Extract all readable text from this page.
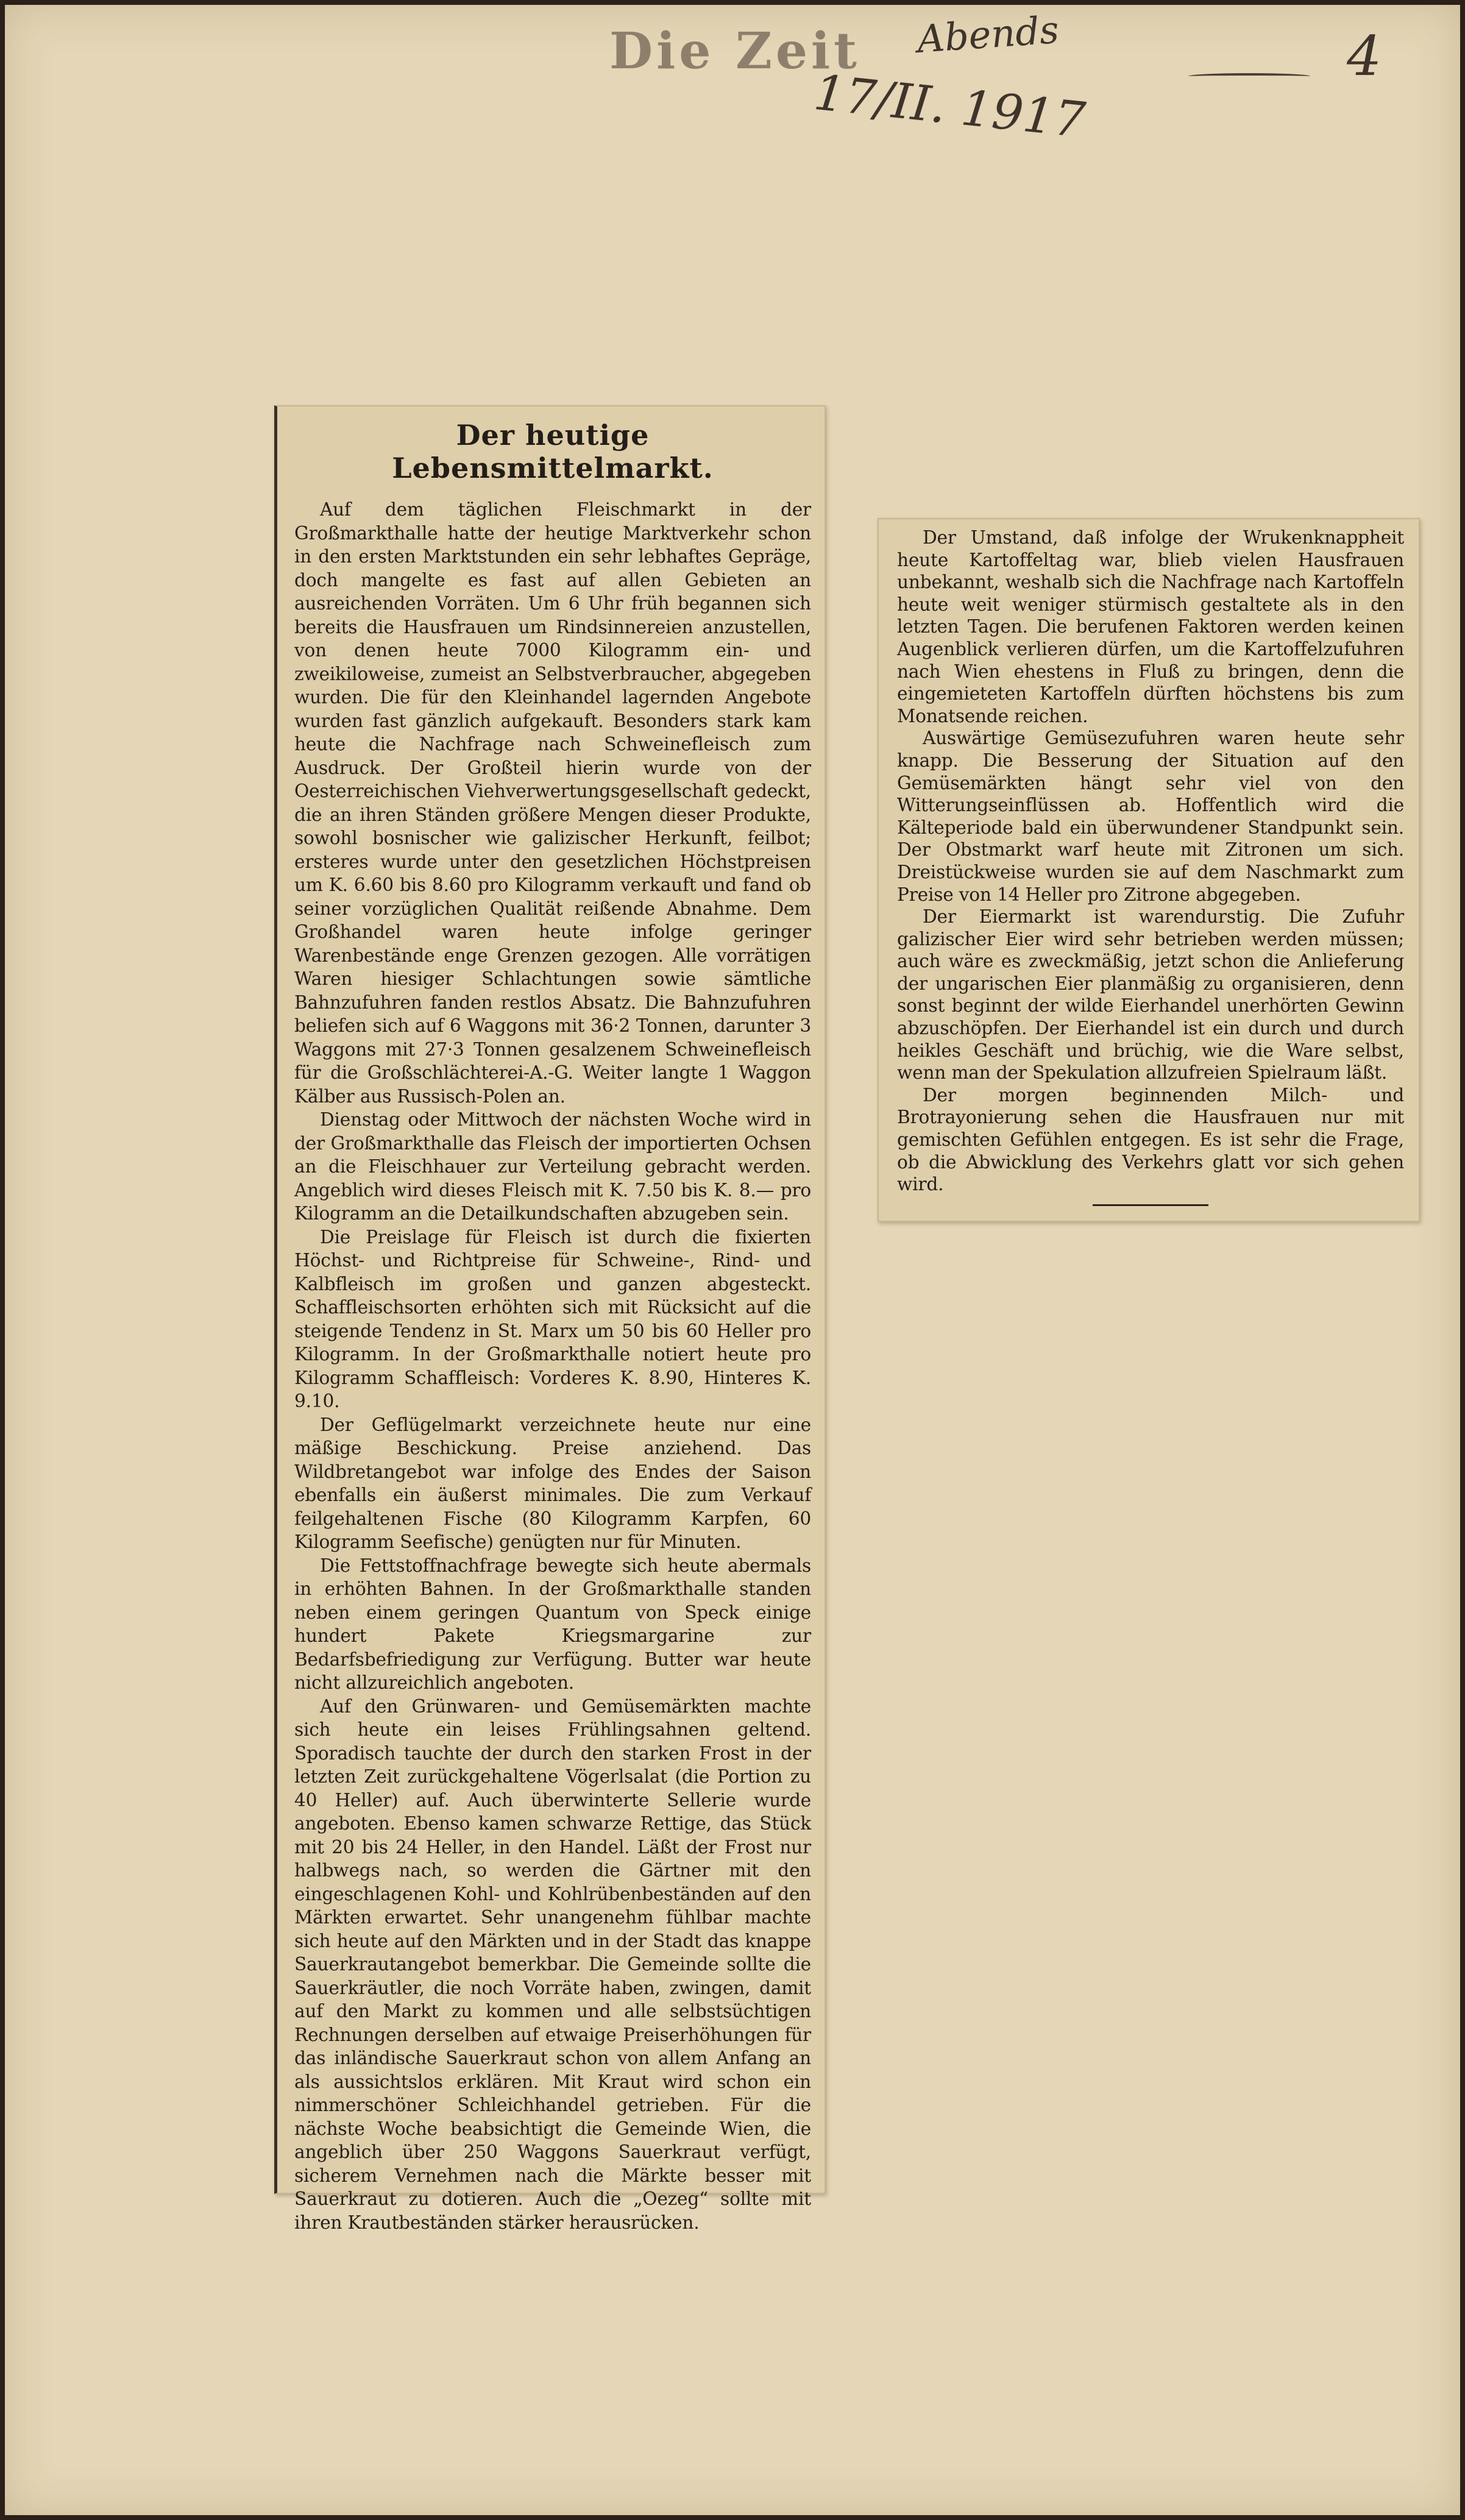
Die Zeit Abends
17/II. 1917
4
Der heutige Lebensmittelmarkt.

Auf dem täglichen Fleischmarkt in der Großmarkthalle hatte der heutige Marktverkehr schon in den ersten Marktstunden ein sehr lebhaftes Gepräge, doch mangelte es fast auf allen Gebieten an ausreichenden Vorräten. Um 6 Uhr früh begannen sich bereits die Hausfrauen um Rindsinnereien anzustellen, von denen heute 7000 Kilogramm ein- und zweikiloweise, zumeist an Selbstverbraucher, abgegeben wurden. Die für den Kleinhandel lagernden Angebote wurden fast gänzlich aufgekauft. Besonders stark kam heute die Nachfrage nach Schweinefleisch zum Ausdruck. Der Großteil hierin wurde von der Oesterreichischen Viehverwertungsgesellschaft gedeckt, die an ihren Ständen größere Mengen dieser Produkte, sowohl bosnischer wie galizischer Herkunft, feilbot; ersteres wurde unter den gesetzlichen Höchstpreisen um K. 6.60 bis 8.60 pro Kilogramm verkauft und fand ob seiner vorzüglichen Qualität reißende Abnahme. Dem Großhandel waren heute infolge geringer Warenbestände enge Grenzen gezogen. Alle vorrätigen Waren hiesiger Schlachtungen sowie sämtliche Bahnzufuhren fanden restlos Absatz. Die Bahnzufuhren beliefen sich auf 6 Waggons mit 36·2 Tonnen, darunter 3 Waggons mit 27·3 Tonnen gesalzenem Schweinefleisch für die Großschlächterei-A.-G. Weiter langte 1 Waggon Kälber aus Russisch-Polen an.

Dienstag oder Mittwoch der nächsten Woche wird in der Großmarkthalle das Fleisch der importierten Ochsen an die Fleischhauer zur Verteilung gebracht werden. Angeblich wird dieses Fleisch mit K. 7.50 bis K. 8.— pro Kilogramm an die Detailkundschaften abzugeben sein.

Die Preislage für Fleisch ist durch die fixierten Höchst- und Richtpreise für Schweine-, Rind- und Kalbfleisch im großen und ganzen abgesteckt. Schaffleischsorten erhöhten sich mit Rücksicht auf die steigende Tendenz in St. Marx um 50 bis 60 Heller pro Kilogramm. In der Großmarkthalle notiert heute pro Kilogramm Schaffleisch: Vorderes K. 8.90, Hinteres K. 9.10.

Der Geflügelmarkt verzeichnete heute nur eine mäßige Beschickung. Preise anziehend. Das Wildbretangebot war infolge des Endes der Saison ebenfalls ein äußerst minimales. Die zum Verkauf feilgehaltenen Fische (80 Kilogramm Karpfen, 60 Kilogramm Seefische) genügten nur für Minuten.

Die Fettstoffnachfrage bewegte sich heute abermals in erhöhten Bahnen. In der Großmarkthalle standen neben einem geringen Quantum von Speck einige hundert Pakete Kriegsmargarine zur Bedarfsbefriedigung zur Verfügung. Butter war heute nicht allzureichlich angeboten.

Auf den Grünwaren- und Gemüsemärkten machte sich heute ein leises Frühlingsahnen geltend. Sporadisch tauchte der durch den starken Frost in der letzten Zeit zurückgehaltene Vögerlsalat (die Portion zu 40 Heller) auf. Auch überwinterte Sellerie wurde angeboten. Ebenso kamen schwarze Rettige, das Stück mit 20 bis 24 Heller, in den Handel. Läßt der Frost nur halbwegs nach, so werden die Gärtner mit den eingeschlagenen Kohl- und Kohlrübenbeständen auf den Märkten erwartet. Sehr unangenehm fühlbar machte sich heute auf den Märkten und in der Stadt das knappe Sauerkrautangebot bemerkbar. Die Gemeinde sollte die Sauerkräutler, die noch Vorräte haben, zwingen, damit auf den Markt zu kommen und alle selbstsüchtigen Rechnungen derselben auf etwaige Preiserhöhungen für das inländische Sauerkraut schon von allem Anfang an als aussichtslos erklären. Mit Kraut wird schon ein nimmerschöner Schleichhandel getrieben. Für die nächste Woche beabsichtigt die Gemeinde Wien, die angeblich über 250 Waggons Sauerkraut verfügt, sicherem Vernehmen nach die Märkte besser mit Sauerkraut zu dotieren. Auch die „Oezeg“ sollte mit ihren Krautbeständen stärker herausrücken.

Der Umstand, daß infolge der Wrukenknappheit heute Kartoffeltag war, blieb vielen Hausfrauen unbekannt, weshalb sich die Nachfrage nach Kartoffeln heute weit weniger stürmisch gestaltete als in den letzten Tagen. Die berufenen Faktoren werden keinen Augenblick verlieren dürfen, um die Kartoffelzufuhren nach Wien ehestens in Fluß zu bringen, denn die eingemieteten Kartoffeln dürften höchstens bis zum Monatsende reichen.

Auswärtige Gemüsezufuhren waren heute sehr knapp. Die Besserung der Situation auf den Gemüsemärkten hängt sehr viel von den Witterungseinflüssen ab. Hoffentlich wird die Kälteperiode bald ein überwundener Standpunkt sein. Der Obstmarkt warf heute mit Zitronen um sich. Dreistückweise wurden sie auf dem Naschmarkt zum Preise von 14 Heller pro Zitrone abgegeben.

Der Eiermarkt ist warendurstig. Die Zufuhr galizischer Eier wird sehr betrieben werden müssen; auch wäre es zweckmäßig, jetzt schon die Anlieferung der ungarischen Eier planmäßig zu organisieren, denn sonst beginnt der wilde Eierhandel unerhörten Gewinn abzuschöpfen. Der Eierhandel ist ein durch und durch heikles Geschäft und brüchig, wie die Ware selbst, wenn man der Spekulation allzufreien Spielraum läßt.

Der morgen beginnenden Milch- und Brotrayonierung sehen die Hausfrauen nur mit gemischten Gefühlen entgegen. Es ist sehr die Frage, ob die Abwicklung des Verkehrs glatt vor sich gehen wird.
